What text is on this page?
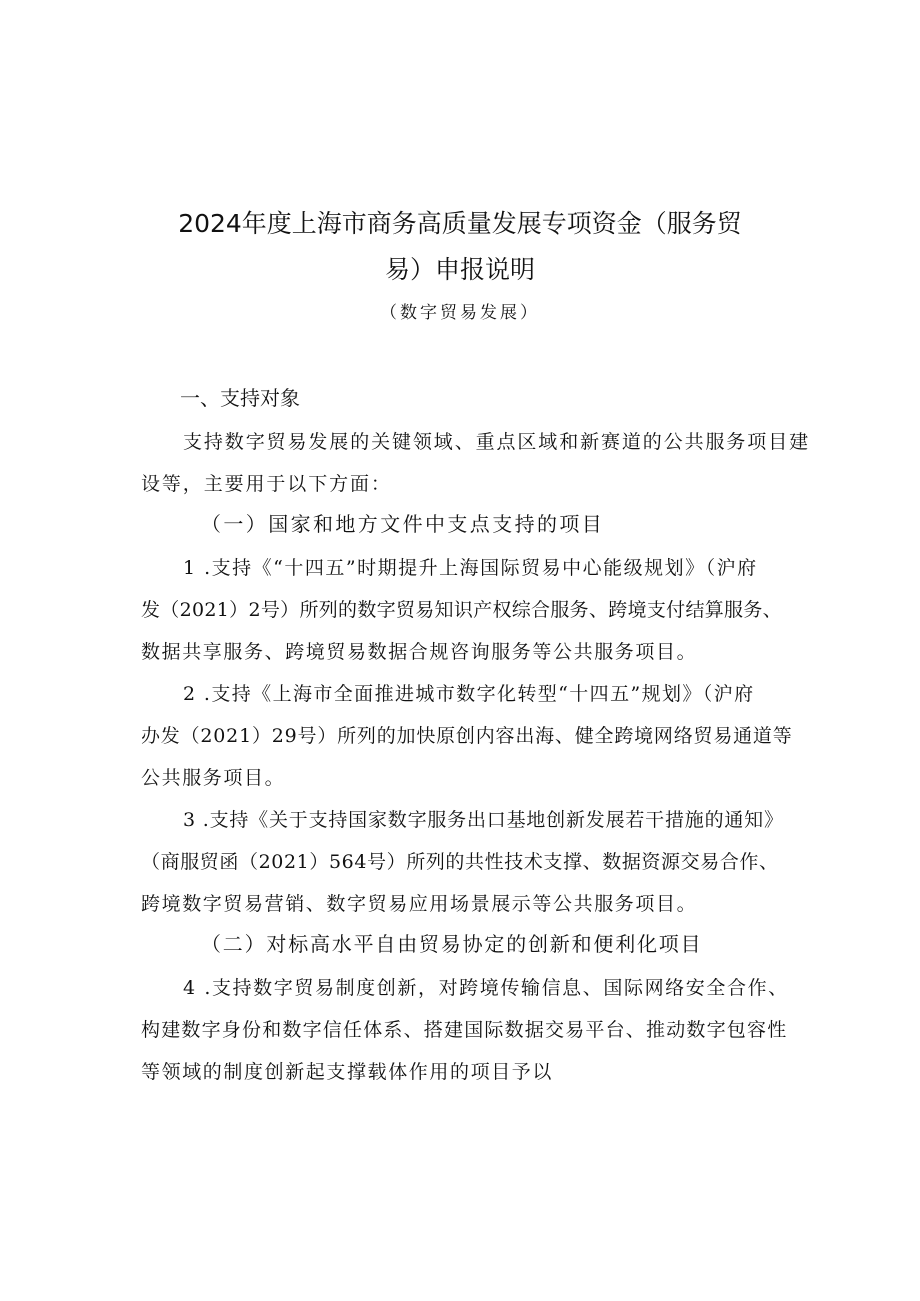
2024年度上海市商务高质量发展专项资金（服务贸
易）申报说明
（数字贸易发展）
一、支持对象
支持数字贸易发展的关键领域、重点区域和新赛道的公共服务项目建
设等，主要用于以下方面：
（一）国家和地方文件中支点支持的项目
1 .支持《“十四五”时期提升上海国际贸易中心能级规划》（沪府
发（2021）2号）所列的数字贸易知识产权综合服务、跨境支付结算服务、
数据共享服务、跨境贸易数据合规咨询服务等公共服务项目。
2 .支持《上海市全面推进城市数字化转型“十四五”规划》（沪府
办发（2021）29号）所列的加快原创内容出海、健全跨境网络贸易通道等
公共服务项目。
3 .支持《关于支持国家数字服务出口基地创新发展若干措施的通知》
（商服贸函（2021）564号）所列的共性技术支撑、数据资源交易合作、
跨境数字贸易营销、数字贸易应用场景展示等公共服务项目。
（二）对标高水平自由贸易协定的创新和便利化项目
4 .支持数字贸易制度创新，对跨境传输信息、国际网络安全合作、
构建数字身份和数字信任体系、搭建国际数据交易平台、推动数字包容性
等领域的制度创新起支撑载体作用的项目予以
